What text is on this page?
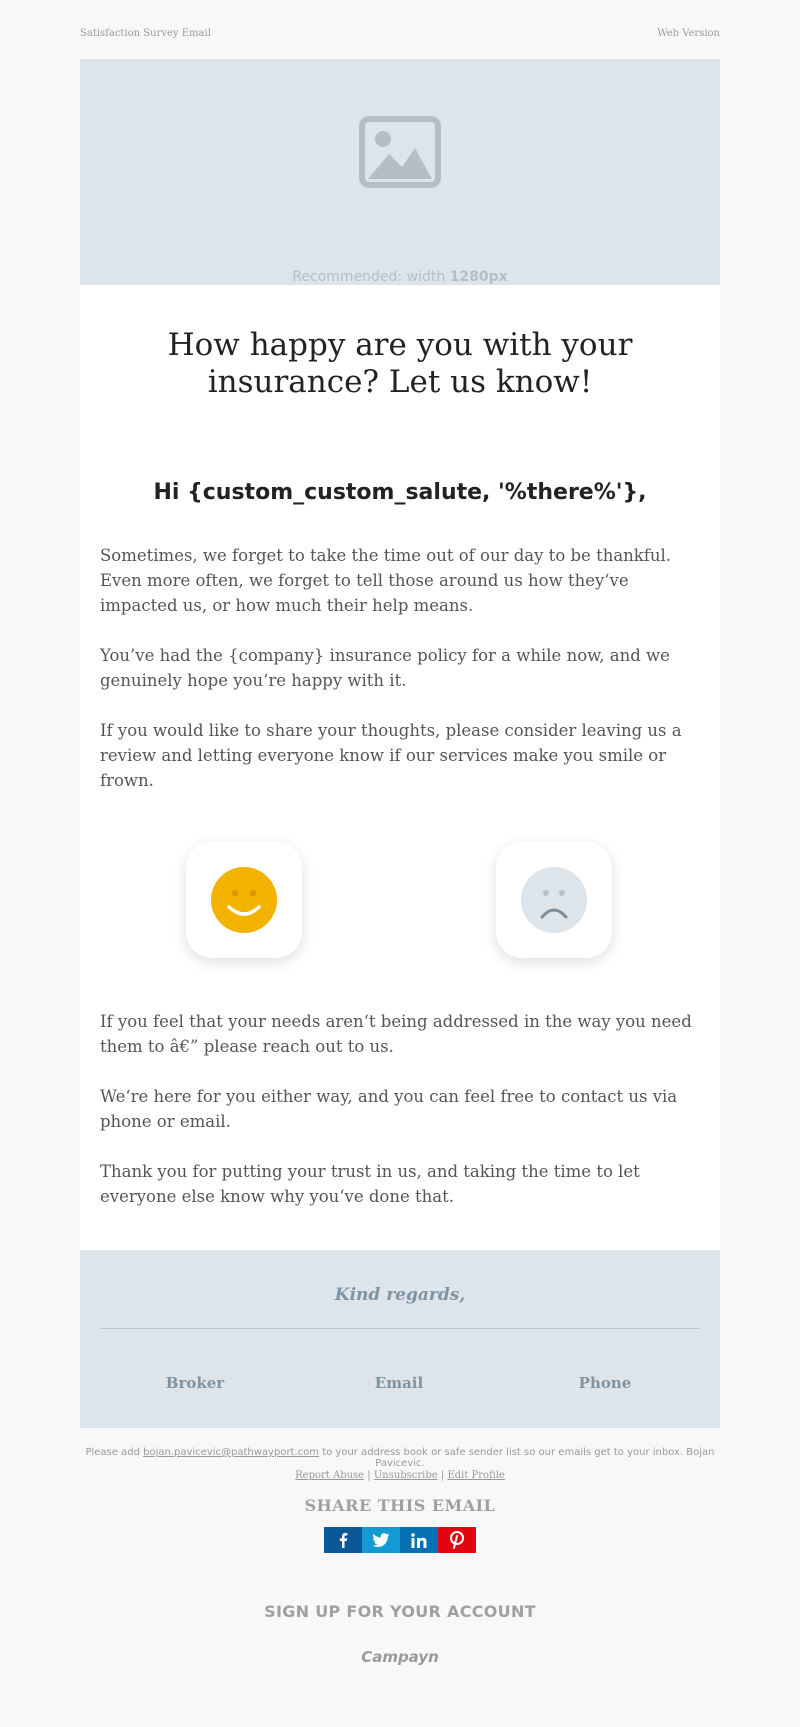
Satisfaction Survey Email	Web Version
Recommended: width 1280px
How happy are you with your
insurance? Let us know!
Hi {custom_custom_salute, '%there%'},

Sometimes, we forget to take the time out of our day to be thankful. Even more often, we forget to tell those around us how they‘ve impacted us, or how much their help means.

You’ve had the {company} insurance policy for a while now, and we genuinely hope you‘re happy with it.

If you would like to share your thoughts, please consider leaving us a review and letting everyone know if our services make you smile or frown.

If you feel that your needs aren‘t being addressed in the way you need them to â€” please reach out to us.

We‘re here for you either way, and you can feel free to contact us via phone or email.

Thank you for putting your trust in us, and taking the time to let everyone else know why you‘ve done that.

Kind regards,
Broker	Email	Phone
Please add bojan.pavicevic@pathwayport.com to your address book or safe sender list so our emails get to your inbox. Bojan Pavicevic.
Report Abuse | Unsubscribe | Edit Profile
SHARE THIS EMAIL
SIGN UP FOR YOUR ACCOUNT
Campayn
